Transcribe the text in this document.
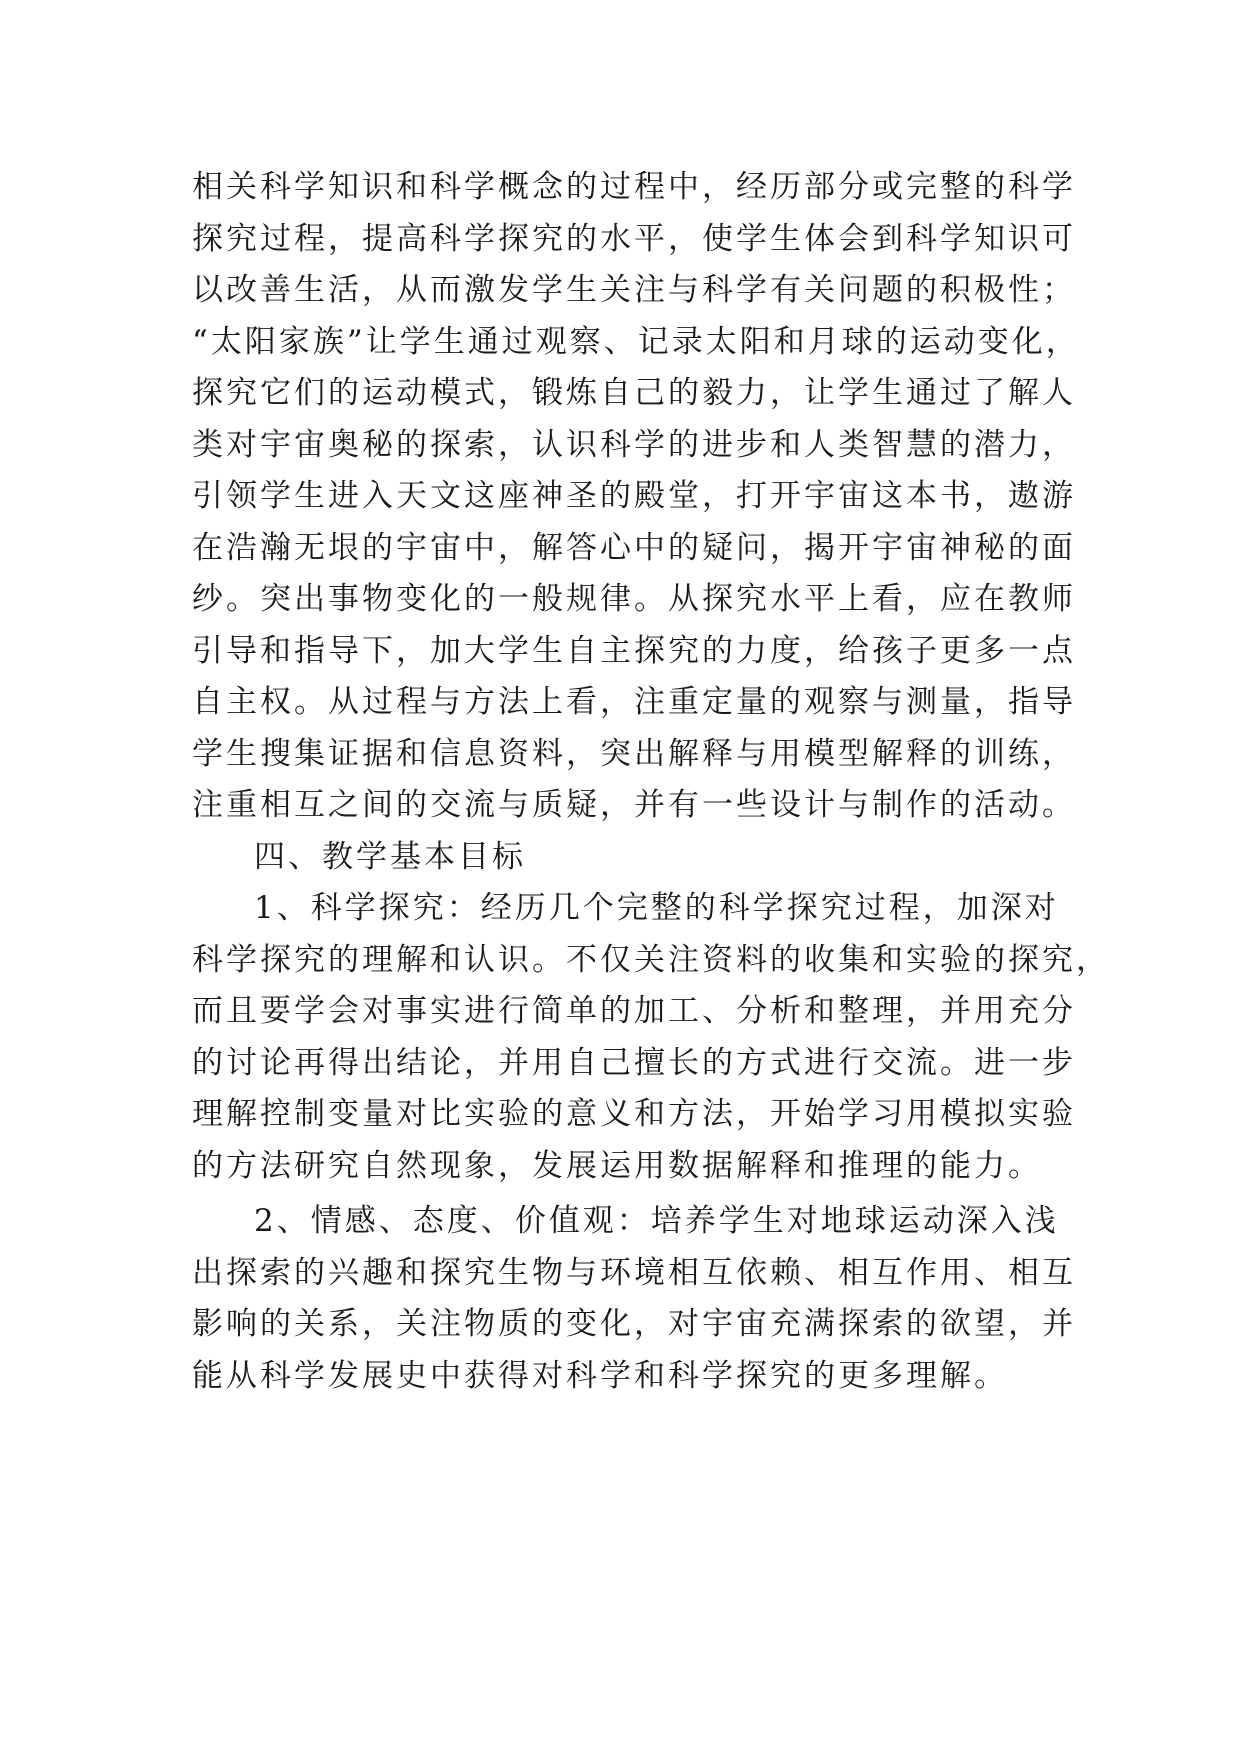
相关科学知识和科学概念的过程中，经历部分或完整的科学
探究过程，提高科学探究的水平，使学生体会到科学知识可
以改善生活，从而激发学生关注与科学有关问题的积极性；
“太阳家族”让学生通过观察、记录太阳和月球的运动变化，
探究它们的运动模式，锻炼自己的毅力，让学生通过了解人
类对宇宙奥秘的探索，认识科学的进步和人类智慧的潜力，
引领学生进入天文这座神圣的殿堂，打开宇宙这本书，遨游
在浩瀚无垠的宇宙中，解答心中的疑问，揭开宇宙神秘的面
纱。突出事物变化的一般规律。从探究水平上看，应在教师
引导和指导下，加大学生自主探究的力度，给孩子更多一点
自主权。从过程与方法上看，注重定量的观察与测量，指导
学生搜集证据和信息资料，突出解释与用模型解释的训练，
注重相互之间的交流与质疑，并有一些设计与制作的活动。
四、教学基本目标
1、科学探究：经历几个完整的科学探究过程，加深对
科学探究的理解和认识。不仅关注资料的收集和实验的探究，
而且要学会对事实进行简单的加工、分析和整理，并用充分
的讨论再得出结论，并用自己擅长的方式进行交流。进一步
理解控制变量对比实验的意义和方法，开始学习用模拟实验
的方法研究自然现象，发展运用数据解释和推理的能力。
2、情感、态度、价值观：培养学生对地球运动深入浅
出探索的兴趣和探究生物与环境相互依赖、相互作用、相互
影响的关系，关注物质的变化，对宇宙充满探索的欲望，并
能从科学发展史中获得对科学和科学探究的更多理解。
